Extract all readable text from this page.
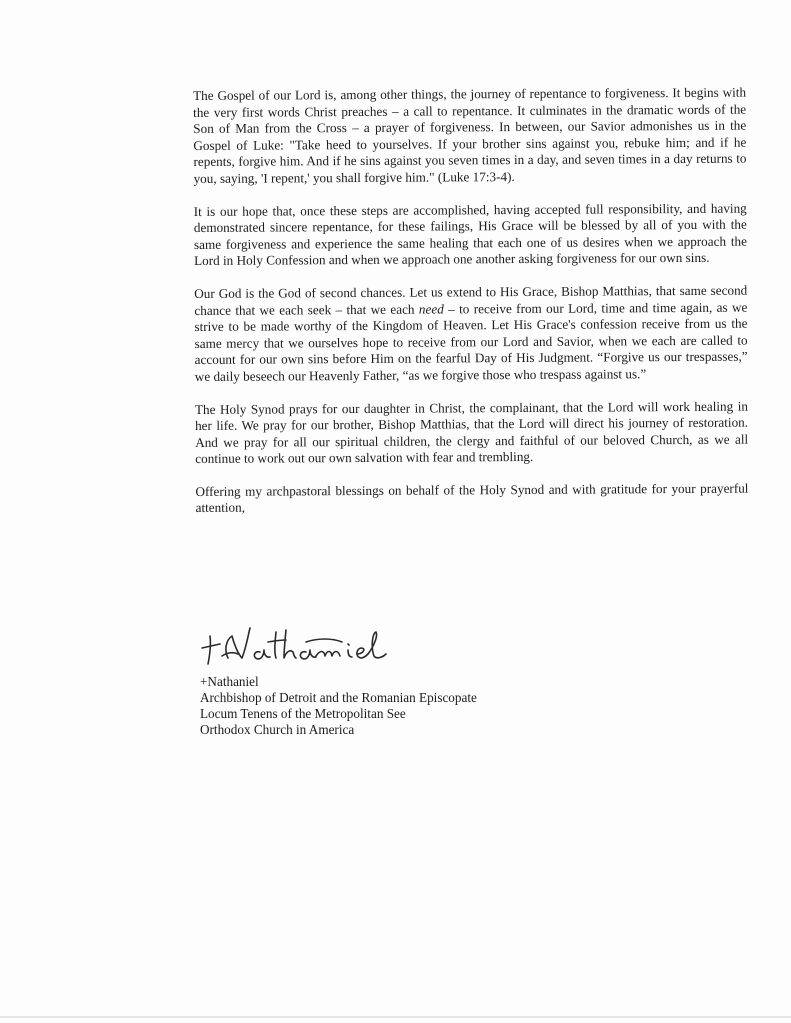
The Gospel of our Lord is, among other things, the journey of repentance to forgiveness. It begins with the very first words Christ preaches – a call to repentance. It culminates in the dramatic words of the Son of Man from the Cross – a prayer of forgiveness. In between, our Savior admonishes us in the Gospel of Luke: "Take heed to yourselves. If your brother sins against you, rebuke him; and if he repents, forgive him. And if he sins against you seven times in a day, and seven times in a day returns to you, saying, 'I repent,' you shall forgive him." (Luke 17:3-4).

It is our hope that, once these steps are accomplished, having accepted full responsibility, and having demonstrated sincere repentance, for these failings, His Grace will be blessed by all of you with the same forgiveness and experience the same healing that each one of us desires when we approach the Lord in Holy Confession and when we approach one another asking forgiveness for our own sins.

Our God is the God of second chances. Let us extend to His Grace, Bishop Matthias, that same second chance that we each seek – that we each need – to receive from our Lord, time and time again, as we strive to be made worthy of the Kingdom of Heaven. Let His Grace's confession receive from us the same mercy that we ourselves hope to receive from our Lord and Savior, when we each are called to account for our own sins before Him on the fearful Day of His Judgment. “Forgive us our trespasses,” we daily beseech our Heavenly Father, “as we forgive those who trespass against us.”

The Holy Synod prays for our daughter in Christ, the complainant, that the Lord will work healing in her life. We pray for our brother, Bishop Matthias, that the Lord will direct his journey of restoration. And we pray for all our spiritual children, the clergy and faithful of our beloved Church, as we all continue to work out our own salvation with fear and trembling.

Offering my archpastoral blessings on behalf of the Holy Synod and with gratitude for your prayerful attention,

+Nathaniel
Archbishop of Detroit and the Romanian Episcopate
Locum Tenens of the Metropolitan See
Orthodox Church in America
